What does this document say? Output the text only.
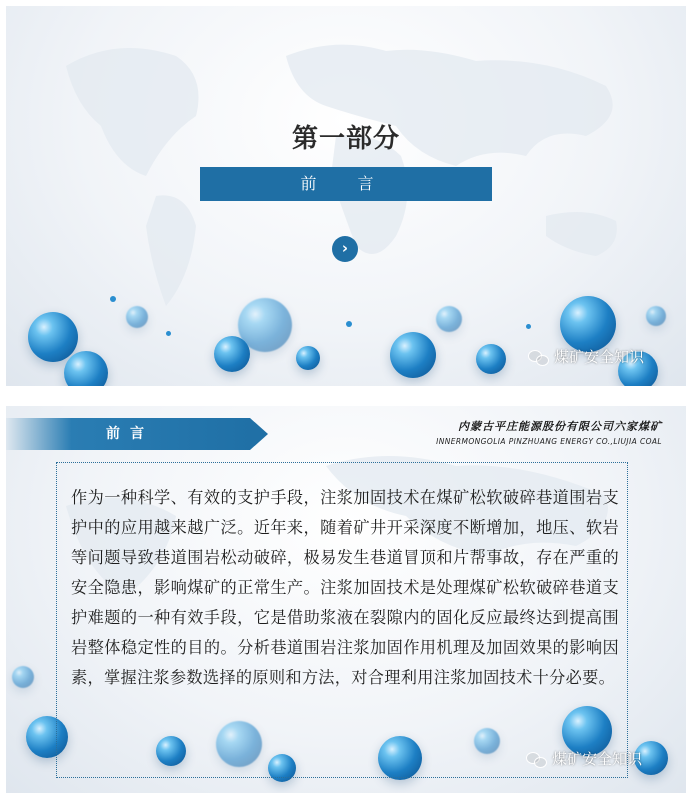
第一部分
前 言
›
煤矿安全知识
前言	内蒙古平庄能源股份有限公司六家煤矿
INNERMONGOLIA PINZHUANG ENERGY CO.,LIUJIA COAL

作为一种科学、有效的支护手段，注浆加固技术在煤矿松软破碎巷道围岩支护中的应用越来越广泛。近年来，随着矿井开采深度不断增加，地压、软岩等问题导致巷道围岩松动破碎，极易发生巷道冒顶和片帮事故，存在严重的安全隐患，影响煤矿的正常生产。注浆加固技术是处理煤矿松软破碎巷道支护难题的一种有效手段，它是借助浆液在裂隙内的固化反应最终达到提高围岩整体稳定性的目的。分析巷道围岩注浆加固作用机理及加固效果的影响因素，掌握注浆参数选择的原则和方法，对合理利用注浆加固技术十分必要。

煤矿安全知识
